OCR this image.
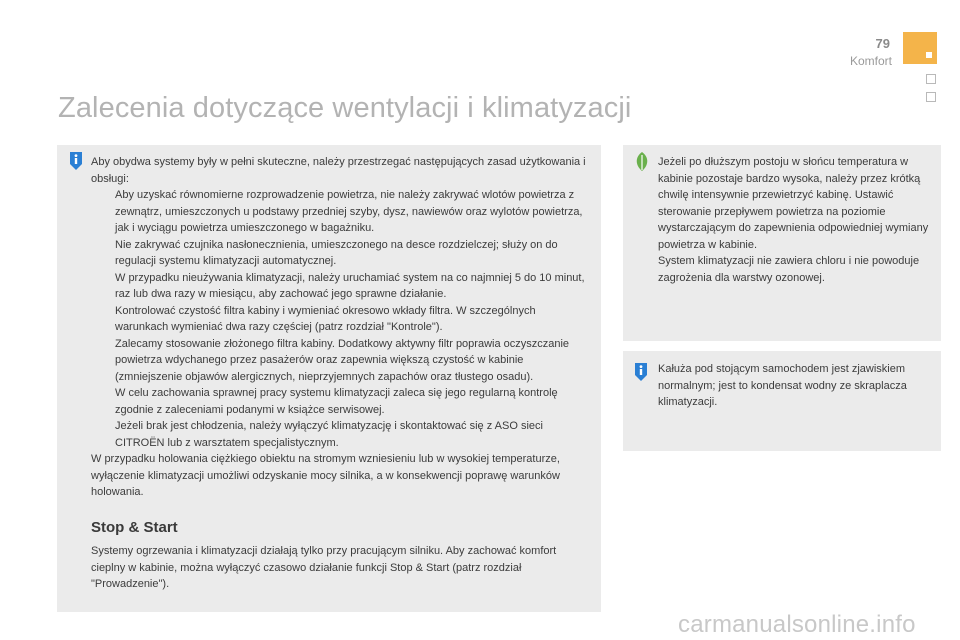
79
Komfort
Zalecenia dotyczące wentylacji i klimatyzacji

Aby obydwa systemy były w pełni skuteczne, należy przestrzegać następujących zasad użytkowania i obsługi:

Aby uzyskać równomierne rozprowadzenie powietrza, nie należy zakrywać wlotów powietrza z zewnątrz, umieszczonych u podstawy przedniej szyby, dysz, nawiewów oraz wylotów powietrza, jak i wyciągu powietrza umieszczonego w bagażniku.
Nie zakrywać czujnika nasłonecznienia, umieszczonego na desce rozdzielczej; służy on do regulacji systemu klimatyzacji automatycznej.
W przypadku nieużywania klimatyzacji, należy uruchamiać system na co najmniej 5 do 10 minut, raz lub dwa razy w miesiącu, aby zachować jego sprawne działanie.
Kontrolować czystość filtra kabiny i wymieniać okresowo wkłady filtra. W szczególnych warunkach wymieniać dwa razy częściej (patrz rozdział "Kontrole").
Zalecamy stosowanie złożonego filtra kabiny. Dodatkowy aktywny filtr poprawia oczyszczanie powietrza wdychanego przez pasażerów oraz zapewnia większą czystość w kabinie (zmniejszenie objawów alergicznych, nieprzyjemnych zapachów oraz tłustego osadu).
W celu zachowania sprawnej pracy systemu klimatyzacji zaleca się jego regularną kontrolę zgodnie z zaleceniami podanymi w książce serwisowej.
Jeżeli brak jest chłodzenia, należy wyłączyć klimatyzację i skontaktować się z ASO sieci CITROËN lub z warsztatem specjalistycznym.

W przypadku holowania ciężkiego obiektu na stromym wzniesieniu lub w wysokiej temperaturze, wyłączenie klimatyzacji umożliwi odzyskanie mocy silnika, a w konsekwencji poprawę warunków holowania.

Stop & Start

Systemy ogrzewania i klimatyzacji działają tylko przy pracującym silniku. Aby zachować komfort cieplny w kabinie, można wyłączyć czasowo działanie funkcji Stop & Start (patrz rozdział "Prowadzenie").

Jeżeli po dłuższym postoju w słońcu temperatura w kabinie pozostaje bardzo wysoka, należy przez krótką chwilę intensywnie przewietrzyć kabinę. Ustawić sterowanie przepływem powietrza na poziomie wystarczającym do zapewnienia odpowiedniej wymiany powietrza w kabinie.

System klimatyzacji nie zawiera chloru i nie powoduje zagrożenia dla warstwy ozonowej.

Kałuża pod stojącym samochodem jest zjawiskiem normalnym; jest to kondensat wodny ze skraplacza klimatyzacji.

carmanualsonline.info
